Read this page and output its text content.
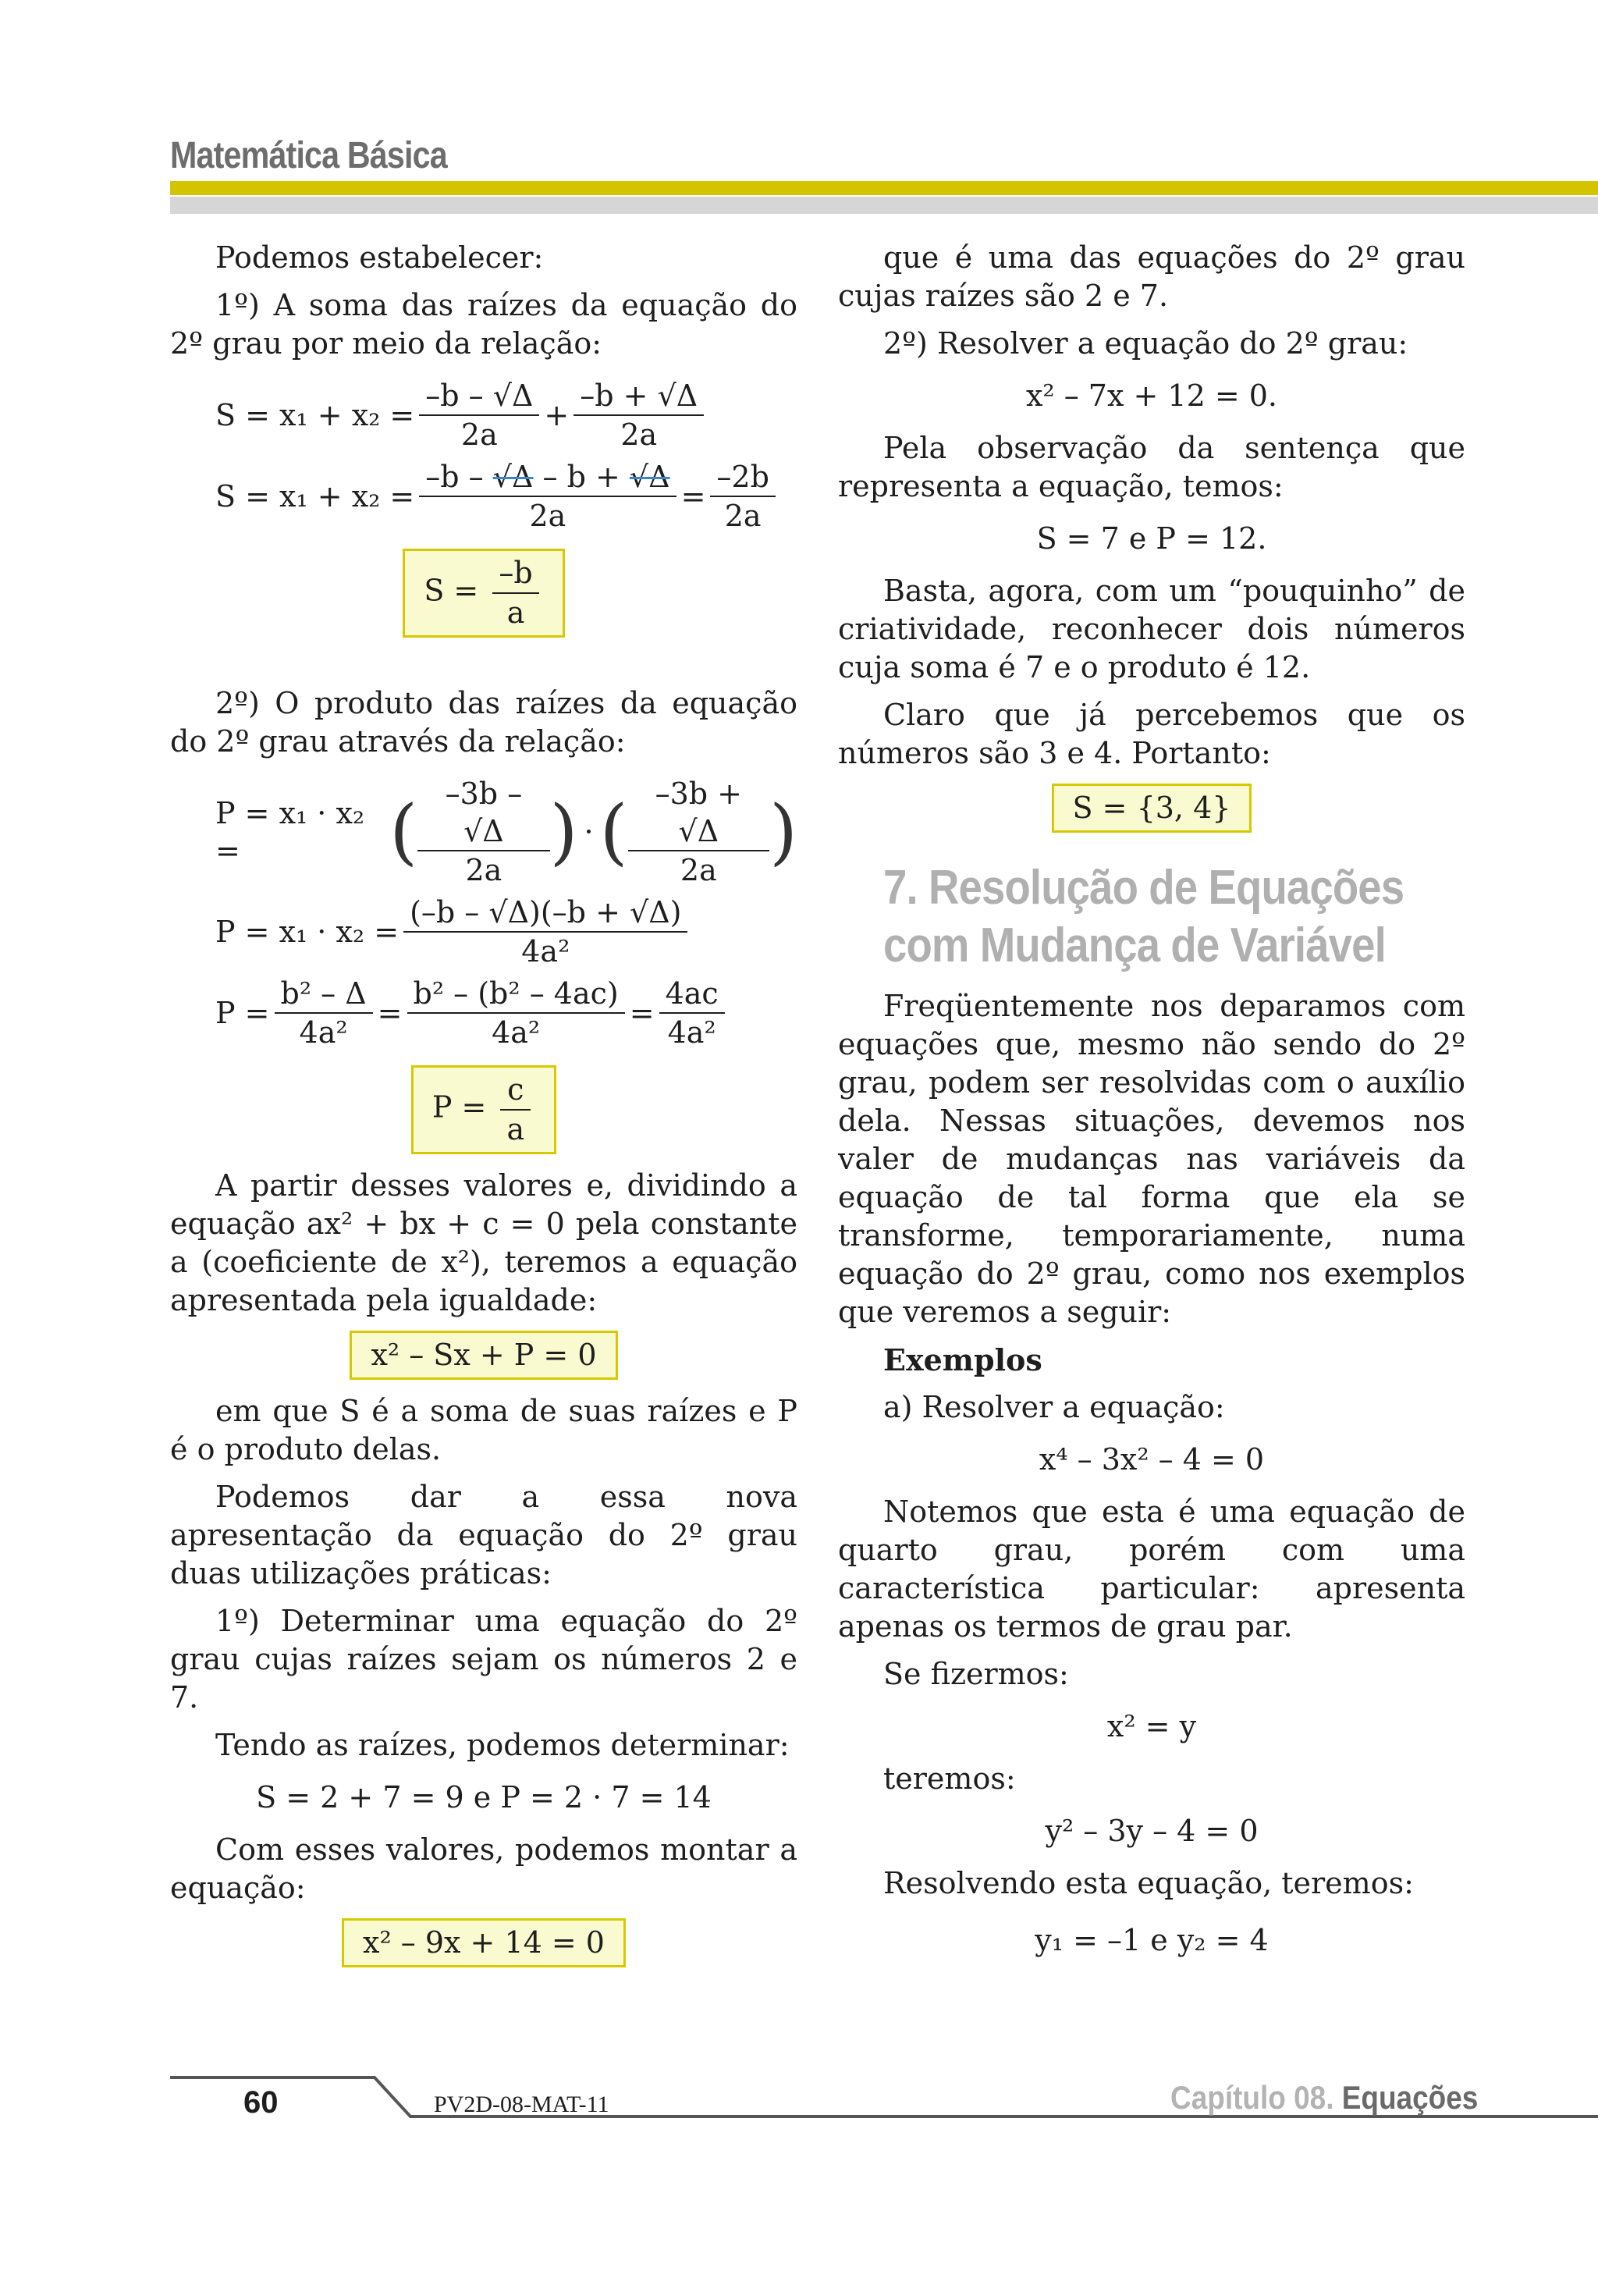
Matemática Básica

Podemos estabelecer:

1º) A soma das raízes da equação do 2º grau por meio da relação:

$S = x_1 + x_2 = \frac{-b - √\Delta}{2a} + \frac{-b + √\Delta}{2a}$
$S = x_1 + x_2 = \frac{-b - √\Delta - b + √\Delta}{2a} = \frac{-2b}{2a}$
$S = \frac{-b}{a}$

2º) O produto das raízes da equação do 2º grau através da relação:

P = x₁ · x₂ =	( $\frac{-3b - √\Delta}{2a}$ ) · ( $\frac{-3b + √\Delta}{2a}$ )
$P = x_1 \cdot x_2 = \frac{(-b - √\Delta)(-b + √\Delta)}{\text{4a²}}$
$P = \frac{\text{b² – Δ}}{\text{4a²}} = \frac{\text{b² – (b² – 4ac)}}{\text{4a²}} = \frac{4ac}{\text{4a²}}$
$P = \frac{c}{a}$

A partir desses valores e, dividindo a equação ax² + bx + c = 0 pela constante a (coeficiente de x²), teremos a equação apresentada pela igualdade:

x² – Sx + P = 0

em que S é a soma de suas raízes e P é o produto delas.

Podemos dar a essa nova apresentação da equação do 2º grau duas utilizações práticas:

1º) Determinar uma equação do 2º grau cujas raízes sejam os números 2 e 7.

Tendo as raízes, podemos determinar:

S = 2 + 7 = 9 e P = 2 · 7 = 14

Com esses valores, podemos montar a equação:

x² – 9x + 14 = 0

que é uma das equações do 2º grau cujas raízes são 2 e 7.

2º) Resolver a equação do 2º grau:

x² – 7x + 12 = 0.

Pela observação da sentença que representa a equação, temos:

S = 7 e P = 12.

Basta, agora, com um “pouquinho” de criatividade, reconhecer dois números cuja soma é 7 e o produto é 12.

Claro que já percebemos que os números são 3 e 4. Portanto:

S = {3, 4}
7. Resolução de Equações com Mudança de Variável

Freqüentemente nos deparamos com equações que, mesmo não sendo do 2º grau, podem ser resolvidas com o auxílio dela. Nessas situações, devemos nos valer de mudanças nas variáveis da equação de tal forma que ela se transforme, temporariamente, numa equação do 2º grau, como nos exemplos que veremos a seguir:

Exemplos

a) Resolver a equação:

x⁴ – 3x² – 4 = 0

Notemos que esta é uma equação de quarto grau, porém com uma característica particular: apresenta apenas os termos de grau par.

Se fizermos:

x² = y

teremos:

y² – 3y – 4 = 0

Resolvendo esta equação, teremos:

y₁ = –1 e y₂ = 4

60	PV2D-08-MAT-11	Capítulo 08. Equações
